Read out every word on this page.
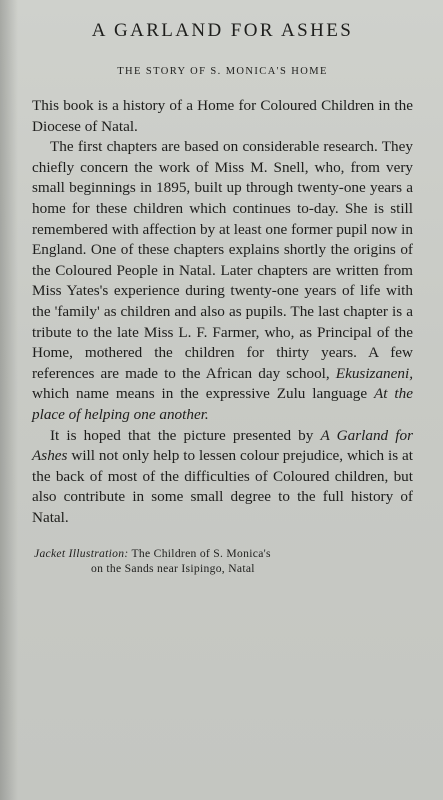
A GARLAND FOR ASHES
THE STORY OF S. MONICA'S HOME

This book is a history of a Home for Coloured Children in the Diocese of Natal.

The first chapters are based on considerable research. They chiefly concern the work of Miss M. Snell, who, from very small beginnings in 1895, built up through twenty-one years a home for these children which continues to-day. She is still remembered with affection by at least one former pupil now in England. One of these chapters explains shortly the origins of the Coloured People in Natal. Later chapters are written from Miss Yates's experience during twenty-one years of life with the 'family' as children and also as pupils. The last chapter is a tribute to the late Miss L. F. Farmer, who, as Principal of the Home, mothered the children for thirty years. A few references are made to the African day school, Ekusizaneni, which name means in the expressive Zulu language At the place of helping one another.

It is hoped that the picture presented by A Garland for Ashes will not only help to lessen colour prejudice, which is at the back of most of the difficulties of Coloured children, but also contribute in some small degree to the full history of Natal.

Jacket Illustration: The Children of S. Monica's
on the Sands near Isipingo, Natal
